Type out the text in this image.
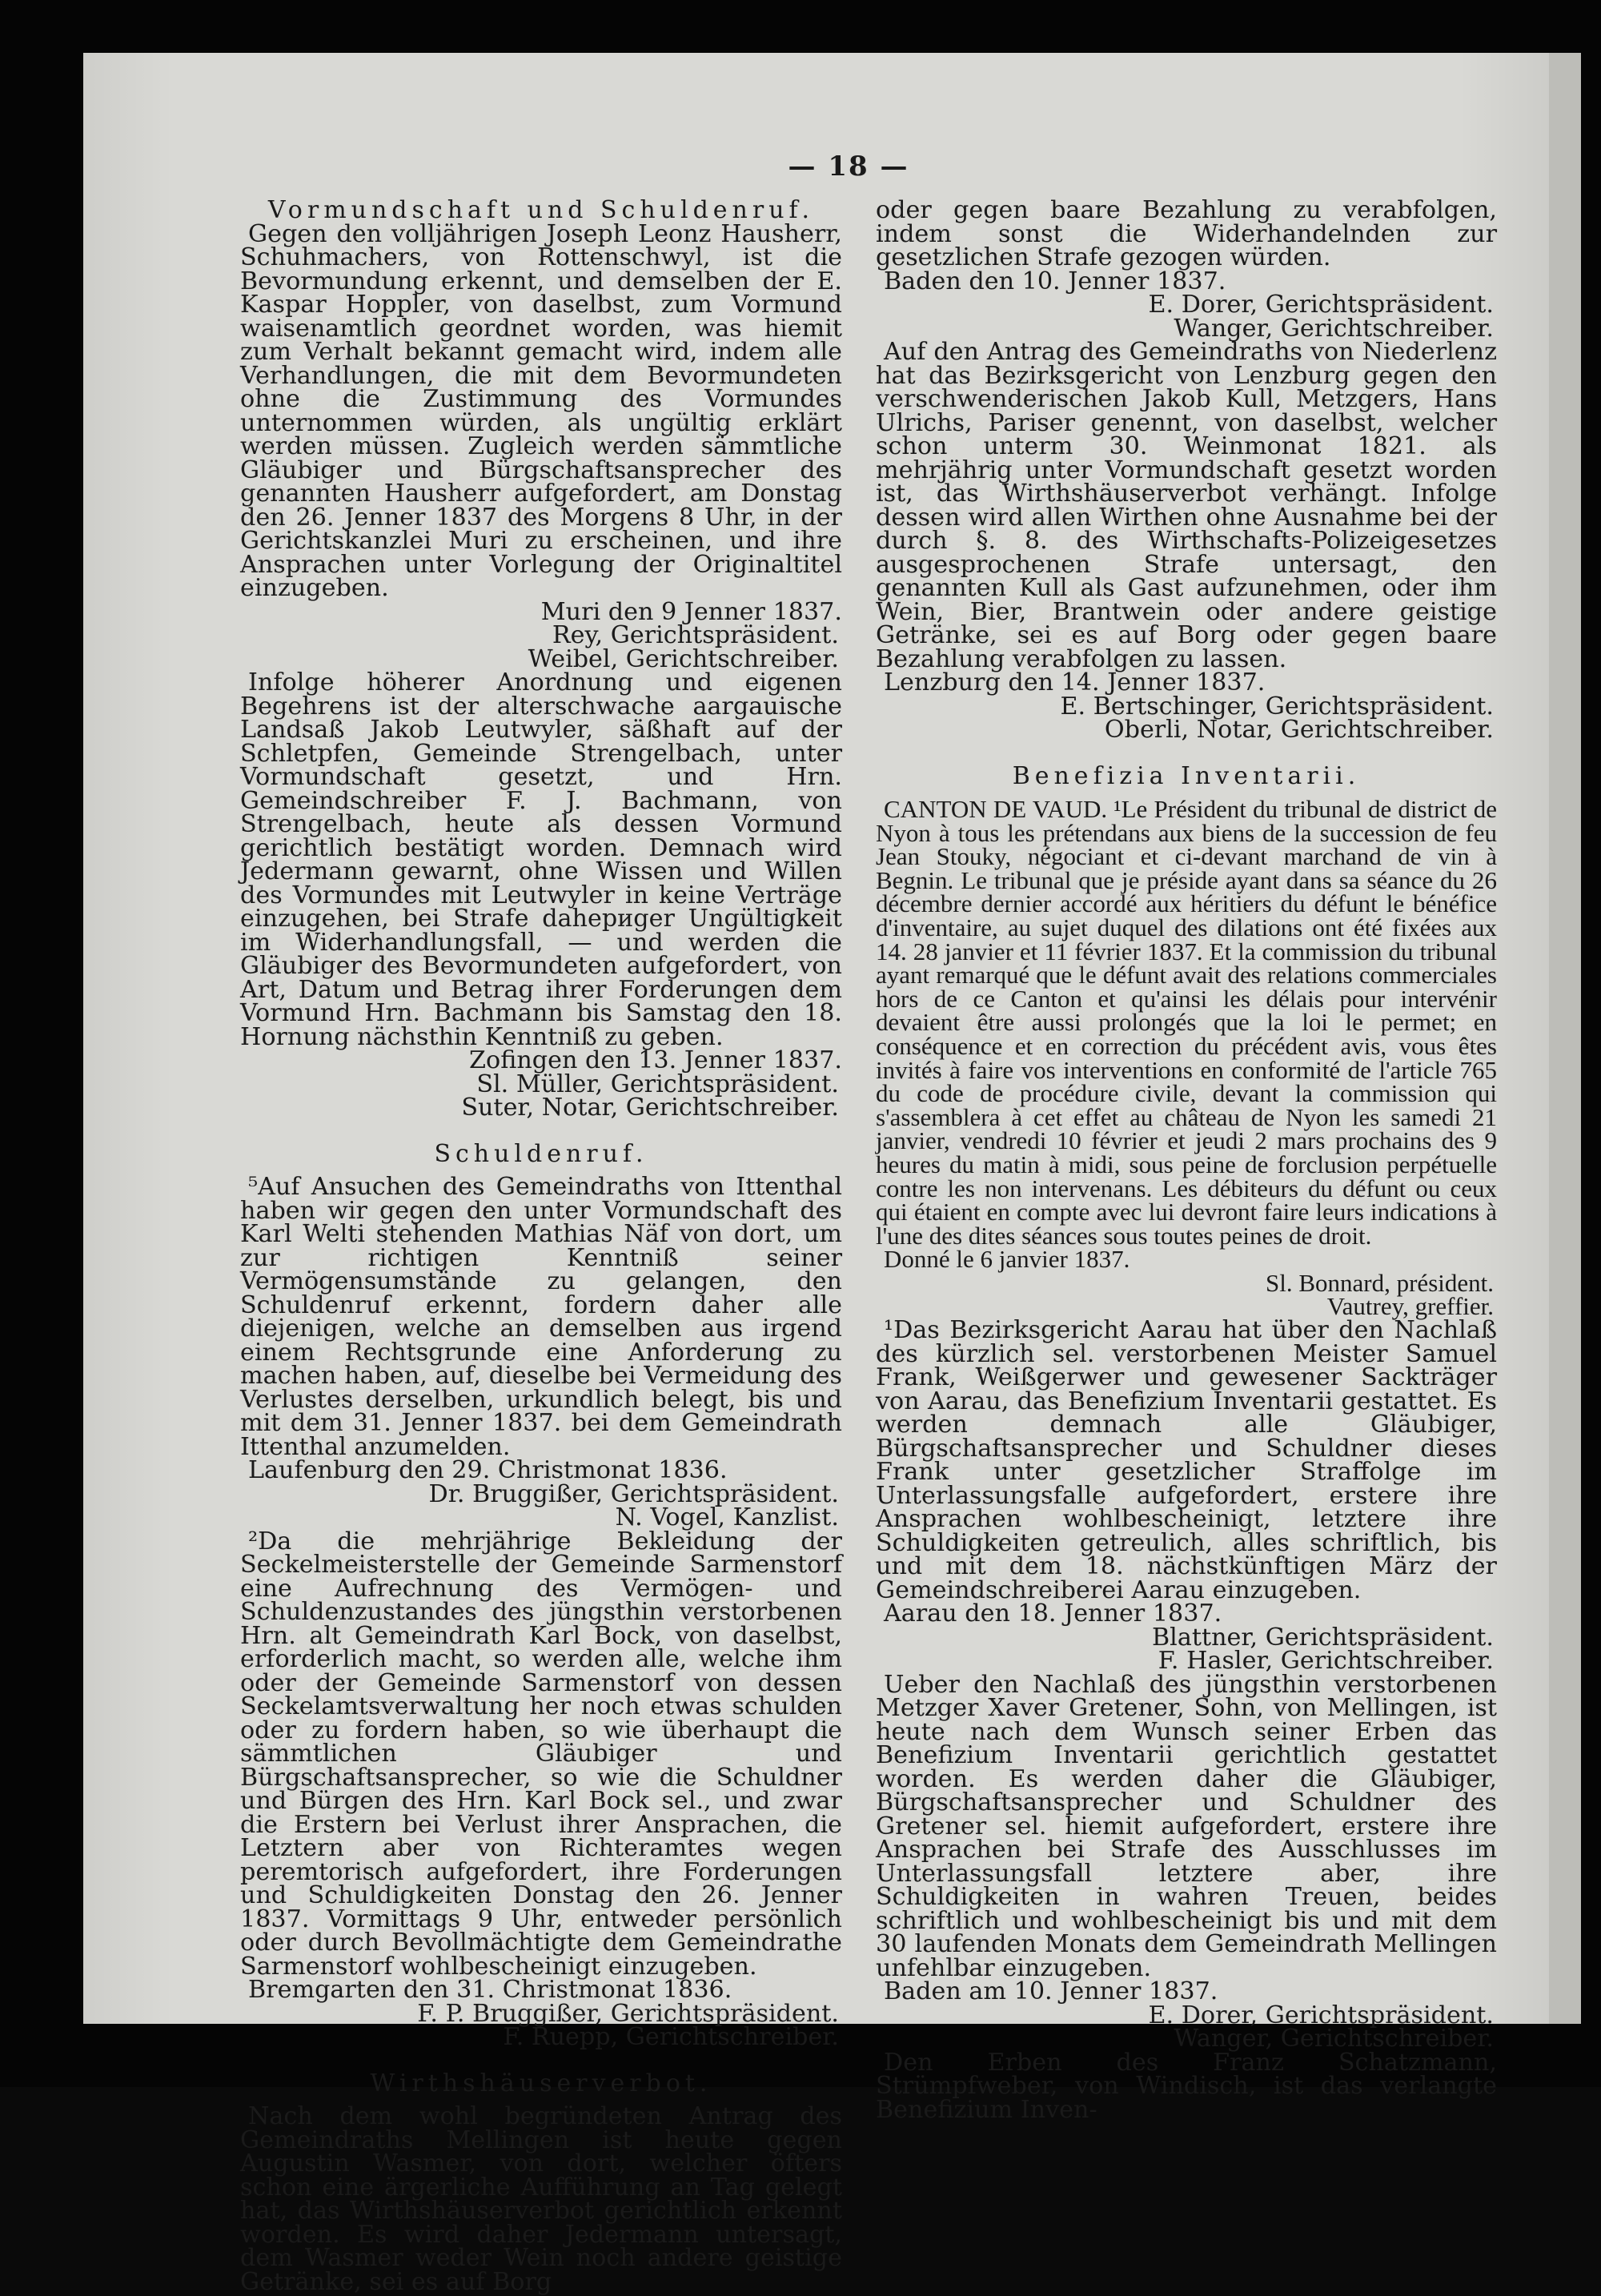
— 18 —

Vormundschaft und Schuldenruf.

Gegen den volljährigen Joseph Leonz Hausherr, Schuhmachers, von Rottenschwyl, ist die Bevormundung erkennt, und demselben der E. Kaspar Hoppler, von daselbst, zum Vormund waisenamtlich geordnet worden, was hiemit zum Verhalt bekannt gemacht wird, indem alle Verhandlungen, die mit dem Bevormundeten ohne die Zustimmung des Vormundes unternommen würden, als ungültig erklärt werden müssen. Zugleich werden sämmtliche Gläubiger und Bürgschaftsansprecher des genannten Hausherr aufgefordert, am Donstag den 26. Jenner 1837 des Morgens 8 Uhr, in der Gerichtskanzlei Muri zu erscheinen, und ihre Ansprachen unter Vorlegung der Originaltitel einzugeben.

Muri den 9 Jenner 1837.

Rey, Gerichtspräsident.

Weibel, Gerichtschreiber.

Infolge höherer Anordnung und eigenen Begehrens ist der alterschwache aargauische Landsaß Jakob Leutwyler, säßhaft auf der Schletpfen, Gemeinde Strengelbach, unter Vormundschaft gesetzt, und Hrn. Gemeindschreiber F. J. Bachmann, von Strengelbach, heute als dessen Vormund gerichtlich bestätigt worden. Demnach wird Jedermann gewarnt, ohne Wissen und Willen des Vormundes mit Leutwyler in keine Verträge einzugehen, bei Strafe dahериger Ungültigkeit im Widerhandlungsfall, — und werden die Gläubiger des Bevormundeten aufgefordert, von Art, Datum und Betrag ihrer Forderungen dem Vormund Hrn. Bachmann bis Samstag den 18. Hornung nächsthin Kenntniß zu geben.

Zofingen den 13. Jenner 1837.

Sl. Müller, Gerichtspräsident.

Suter, Notar, Gerichtschreiber.

Schuldenruf.

⁵Auf Ansuchen des Gemeindraths von Ittenthal haben wir gegen den unter Vormundschaft des Karl Welti stehenden Mathias Näf von dort, um zur richtigen Kenntniß seiner Vermögensumstände zu gelangen, den Schuldenruf erkennt, fordern daher alle diejenigen, welche an demselben aus irgend einem Rechtsgrunde eine Anforderung zu machen haben, auf, dieselbe bei Vermeidung des Verlustes derselben, urkundlich belegt, bis und mit dem 31. Jenner 1837. bei dem Gemeindrath Ittenthal anzumelden.

Laufenburg den 29. Christmonat 1836.

Dr. Bruggißer, Gerichtspräsident.

N. Vogel, Kanzlist.

²Da die mehrjährige Bekleidung der Seckelmeisterstelle der Gemeinde Sarmenstorf eine Aufrechnung des Vermögen- und Schuldenzustandes des jüngsthin verstorbenen Hrn. alt Gemeindrath Karl Bock, von daselbst, erforderlich macht, so werden alle, welche ihm oder der Gemeinde Sarmenstorf von dessen Seckelamtsverwaltung her noch etwas schulden oder zu fordern haben, so wie überhaupt die sämmtlichen Gläubiger und Bürgschaftsansprecher, so wie die Schuldner und Bürgen des Hrn. Karl Bock sel., und zwar die Erstern bei Verlust ihrer Ansprachen, die Letztern aber von Richteramtes wegen peremtorisch aufgefordert, ihre Forderungen und Schuldigkeiten Donstag den 26. Jenner 1837. Vormittags 9 Uhr, entweder persönlich oder durch Bevollmächtigte dem Gemeindrathe Sarmenstorf wohlbescheinigt einzugeben.

Bremgarten den 31. Christmonat 1836.

F. P. Bruggißer, Gerichtspräsident.

F. Ruepp, Gerichtschreiber.

Wirthshäuserverbot.

Nach dem wohl begründeten Antrag des Gemeindraths Mellingen ist heute gegen Augustin Wasmer, von dort, welcher öfters schon eine ärgerliche Aufführung an Tag gelegt hat, das Wirthshäuserverbot gerichtlich erkennt worden. Es wird daher Jedermann untersagt, dem Wasmer weder Wein noch andere geistige Getränke, sei es auf Borg

oder gegen baare Bezahlung zu verabfolgen, indem sonst die Widerhandelnden zur gesetzlichen Strafe gezogen würden.

Baden den 10. Jenner 1837.

E. Dorer, Gerichtspräsident.

Wanger, Gerichtschreiber.

Auf den Antrag des Gemeindraths von Niederlenz hat das Bezirksgericht von Lenzburg gegen den verschwenderischen Jakob Kull, Metzgers, Hans Ulrichs, Pariser genennt, von daselbst, welcher schon unterm 30. Weinmonat 1821. als mehrjährig unter Vormundschaft gesetzt worden ist, das Wirthshäuserverbot verhängt. Infolge dessen wird allen Wirthen ohne Ausnahme bei der durch §. 8. des Wirthschafts-Polizeigesetzes ausgesprochenen Strafe untersagt, den genannten Kull als Gast aufzunehmen, oder ihm Wein, Bier, Brantwein oder andere geistige Getränke, sei es auf Borg oder gegen baare Bezahlung verabfolgen zu lassen.

Lenzburg den 14. Jenner 1837.

E. Bertschinger, Gerichtspräsident.

Oberli, Notar, Gerichtschreiber.

Benefizia Inventarii.

CANTON DE VAUD. ¹Le Président du tribunal de district de Nyon à tous les prétendans aux biens de la succession de feu Jean Stouky, négociant et ci-devant marchand de vin à Begnin. Le tribunal que je préside ayant dans sa séance du 26 décembre dernier accordé aux héritiers du défunt le bénéfice d'inventaire, au sujet duquel des dilations ont été fixées aux 14. 28 janvier et 11 février 1837. Et la commission du tribunal ayant remarqué que le défunt avait des relations commerciales hors de ce Canton et qu'ainsi les délais pour intervénir devaient être aussi prolongés que la loi le permet; en conséquence et en correction du précédent avis, vous êtes invités à faire vos interventions en conformité de l'article 765 du code de procédure civile, devant la commission qui s'assemblera à cet effet au château de Nyon les samedi 21 janvier, vendredi 10 février et jeudi 2 mars prochains des 9 heures du matin à midi, sous peine de forclusion perpétuelle contre les non intervenans. Les débiteurs du défunt ou ceux qui étaient en compte avec lui devront faire leurs indications à l'une des dites séances sous toutes peines de droit.

Donné le 6 janvier 1837.

Sl. Bonnard, président.

Vautrey, greffier.

¹Das Bezirksgericht Aarau hat über den Nachlaß des kürzlich sel. verstorbenen Meister Samuel Frank, Weißgerwer und gewesener Sackträger von Aarau, das Benefizium Inventarii gestattet. Es werden demnach alle Gläubiger, Bürgschaftsansprecher und Schuldner dieses Frank unter gesetzlicher Straffolge im Unterlassungsfalle aufgefordert, erstere ihre Ansprachen wohlbescheinigt, letztere ihre Schuldigkeiten getreulich, alles schriftlich, bis und mit dem 18. nächstkünftigen März der Gemeindschreiberei Aarau einzugeben.

Aarau den 18. Jenner 1837.

Blattner, Gerichtspräsident.

F. Hasler, Gerichtschreiber.

Ueber den Nachlaß des jüngsthin verstorbenen Metzger Xaver Gretener, Sohn, von Mellingen, ist heute nach dem Wunsch seiner Erben das Benefizium Inventarii gerichtlich gestattet worden. Es werden daher die Gläubiger, Bürgschaftsansprecher und Schuldner des Gretener sel. hiemit aufgefordert, erstere ihre Ansprachen bei Strafe des Ausschlusses im Unterlassungsfall letztere aber, ihre Schuldigkeiten in wahren Treuen, beides schriftlich und wohlbescheinigt bis und mit dem 30 laufenden Monats dem Gemeindrath Mellingen unfehlbar einzugeben.

Baden am 10. Jenner 1837.

E. Dorer, Gerichtspräsident.

Wanger, Gerichtschreiber.

Den Erben des Franz Schatzmann, Strümpfweber, von Windisch, ist das verlangte Benefizium Inven-
